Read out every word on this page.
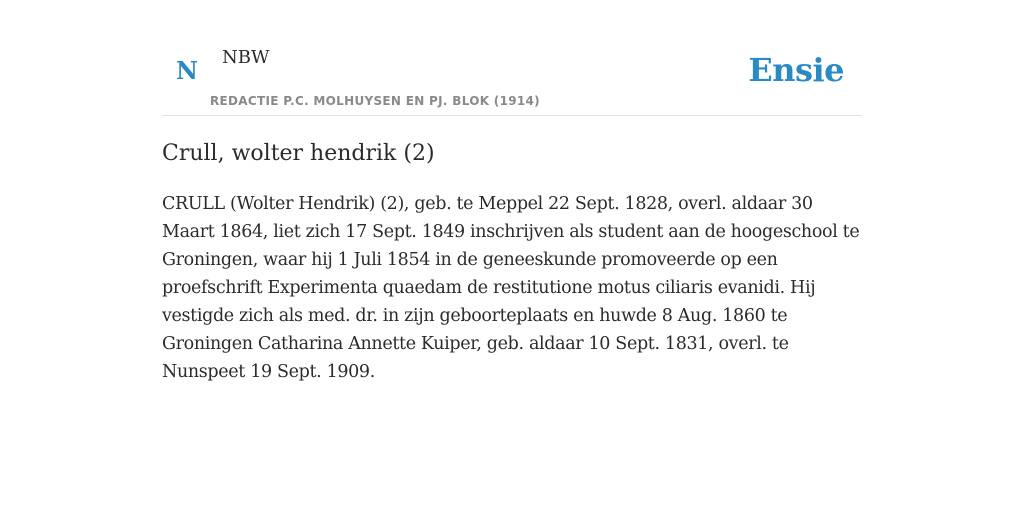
N NBW
REDACTIE P.C. MOLHUYSEN EN PJ. BLOK (1914)
Ensie
Crull, wolter hendrik (2)

CRULL (Wolter Hendrik) (2), geb. te Meppel 22 Sept. 1828, overl. aldaar 30 Maart 1864, liet zich 17 Sept. 1849 inschrijven als student aan de hoogeschool te Groningen, waar hij 1 Juli 1854 in de geneeskunde promoveerde op een proefschrift Experimenta quaedam de restitutione motus ciliaris evanidi. Hij vestigde zich als med. dr. in zijn geboorteplaats en huwde 8 Aug. 1860 te Groningen Catharina Annette Kuiper, geb. aldaar 10 Sept. 1831, overl. te Nunspeet 19 Sept. 1909.
